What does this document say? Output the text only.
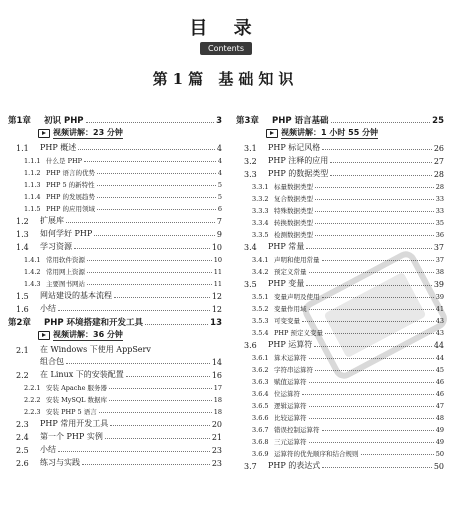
目 录
Contents
第1篇 基础知识
第1章	初识 PHP	3
视频讲解：23 分钟
1.1	PHP 概述	4
1.1.1 什么是 PHP	4
1.1.2 PHP 语言的优势	4
1.1.3 PHP 5 的新特性	5
1.1.4 PHP 的发展趋势	5
1.1.5 PHP 的应用领域	6
1.2	扩展库	7
1.3	如何学好 PHP	9
1.4	学习资源	10
1.4.1 常用软件资源	10
1.4.2 常用网上资源	11
1.4.3 主要图书网站	11
1.5	网站建设的基本流程	12
1.6	小结	12
第2章	PHP 环境搭建和开发工具	13
视频讲解：36 分钟
2.1	在 Windows 下使用 AppServ
组合包	14
2.2	在 Linux 下的安装配置	16
2.2.1 安装 Apache 服务器	17
2.2.2 安装 MySQL 数据库	18
2.2.3 安装 PHP 5 语言	18
2.3	PHP 常用开发工具	20
2.4	第一个 PHP 实例	21
2.5	小结	23
2.6	练习与实践	23
第3章	PHP 语言基础	25
视频讲解：1 小时 55 分钟
3.1	PHP 标记风格	26
3.2	PHP 注释的应用	27
3.3	PHP 的数据类型	28
3.3.1 标量数据类型	28
3.3.2 复合数据类型	33
3.3.3 特殊数据类型	33
3.3.4 转换数据类型	35
3.3.5 检测数据类型	36
3.4	PHP 常量	37
3.4.1 声明和使用常量	37
3.4.2 预定义常量	38
3.5	PHP 变量	39
3.5.1 变量声明及使用	39
3.5.2 变量作用域	41
3.5.3 可变变量	43
3.5.4 PHP 预定义变量	43
3.6	PHP 运算符	44
3.6.1 算术运算符	44
3.6.2 字符串运算符	45
3.6.3 赋值运算符	46
3.6.4 位运算符	46
3.6.5 逻辑运算符	47
3.6.6 比较运算符	48
3.6.7 错误控制运算符	49
3.6.8 三元运算符	49
3.6.9 运算符的优先顺序和结合规则	50
3.7	PHP 的表达式	50
